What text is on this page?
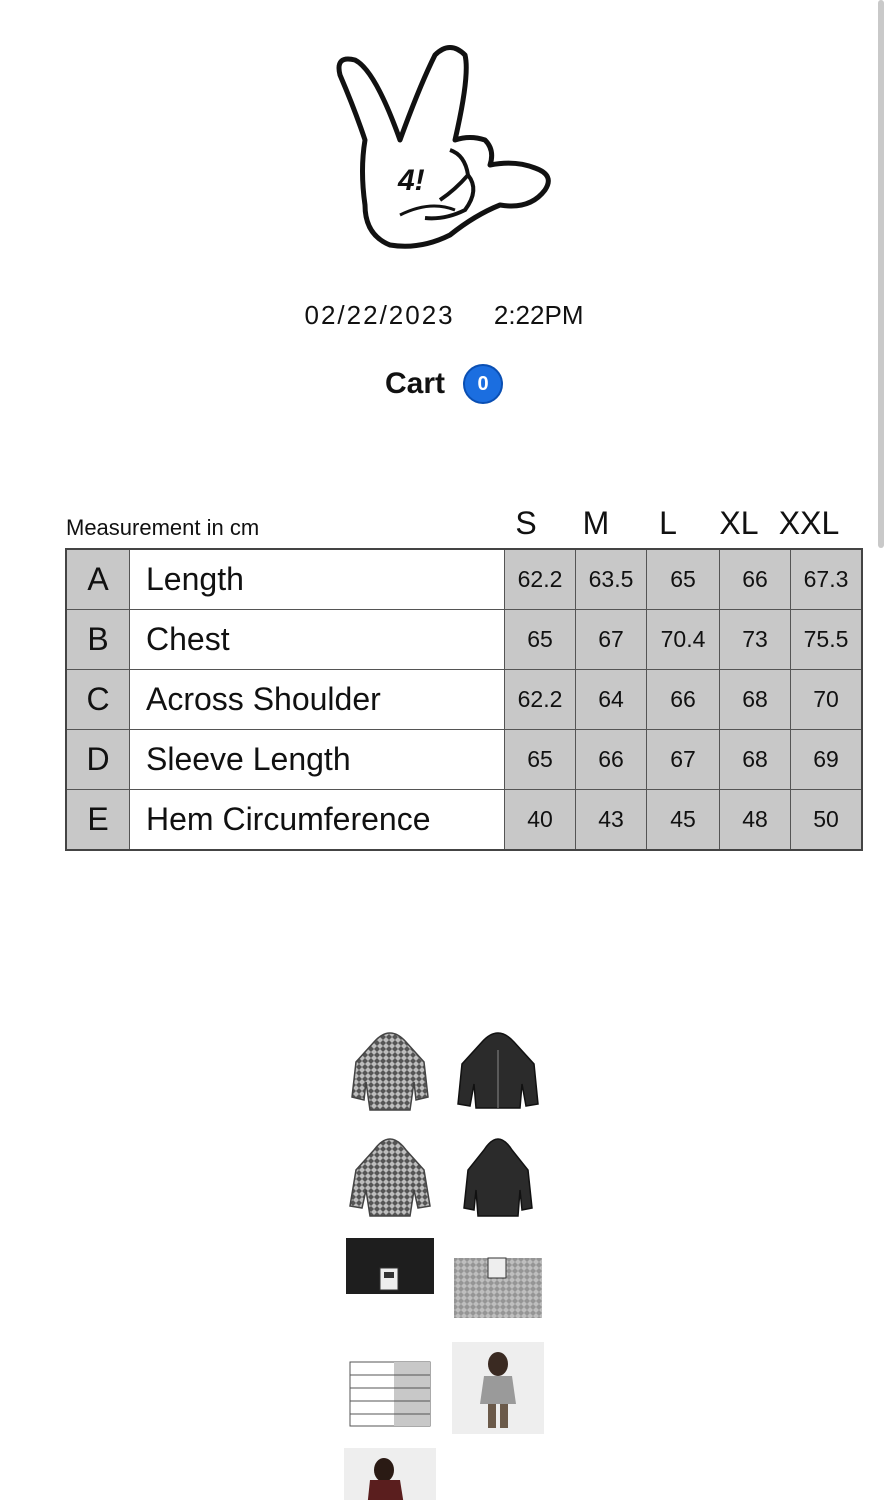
4!
02/22/2023 2:22PM
Cart	0
Measurement in cm	S M L XL XXL
A	Length	62.2	63.5	65	66	67.3
B	Chest	65	67	70.4	73	75.5
C	Across Shoulder	62.2	64	66	68	70
D	Sleeve Length	65	66	67	68	69
E	Hem Circumference	40	43	45	48	50
